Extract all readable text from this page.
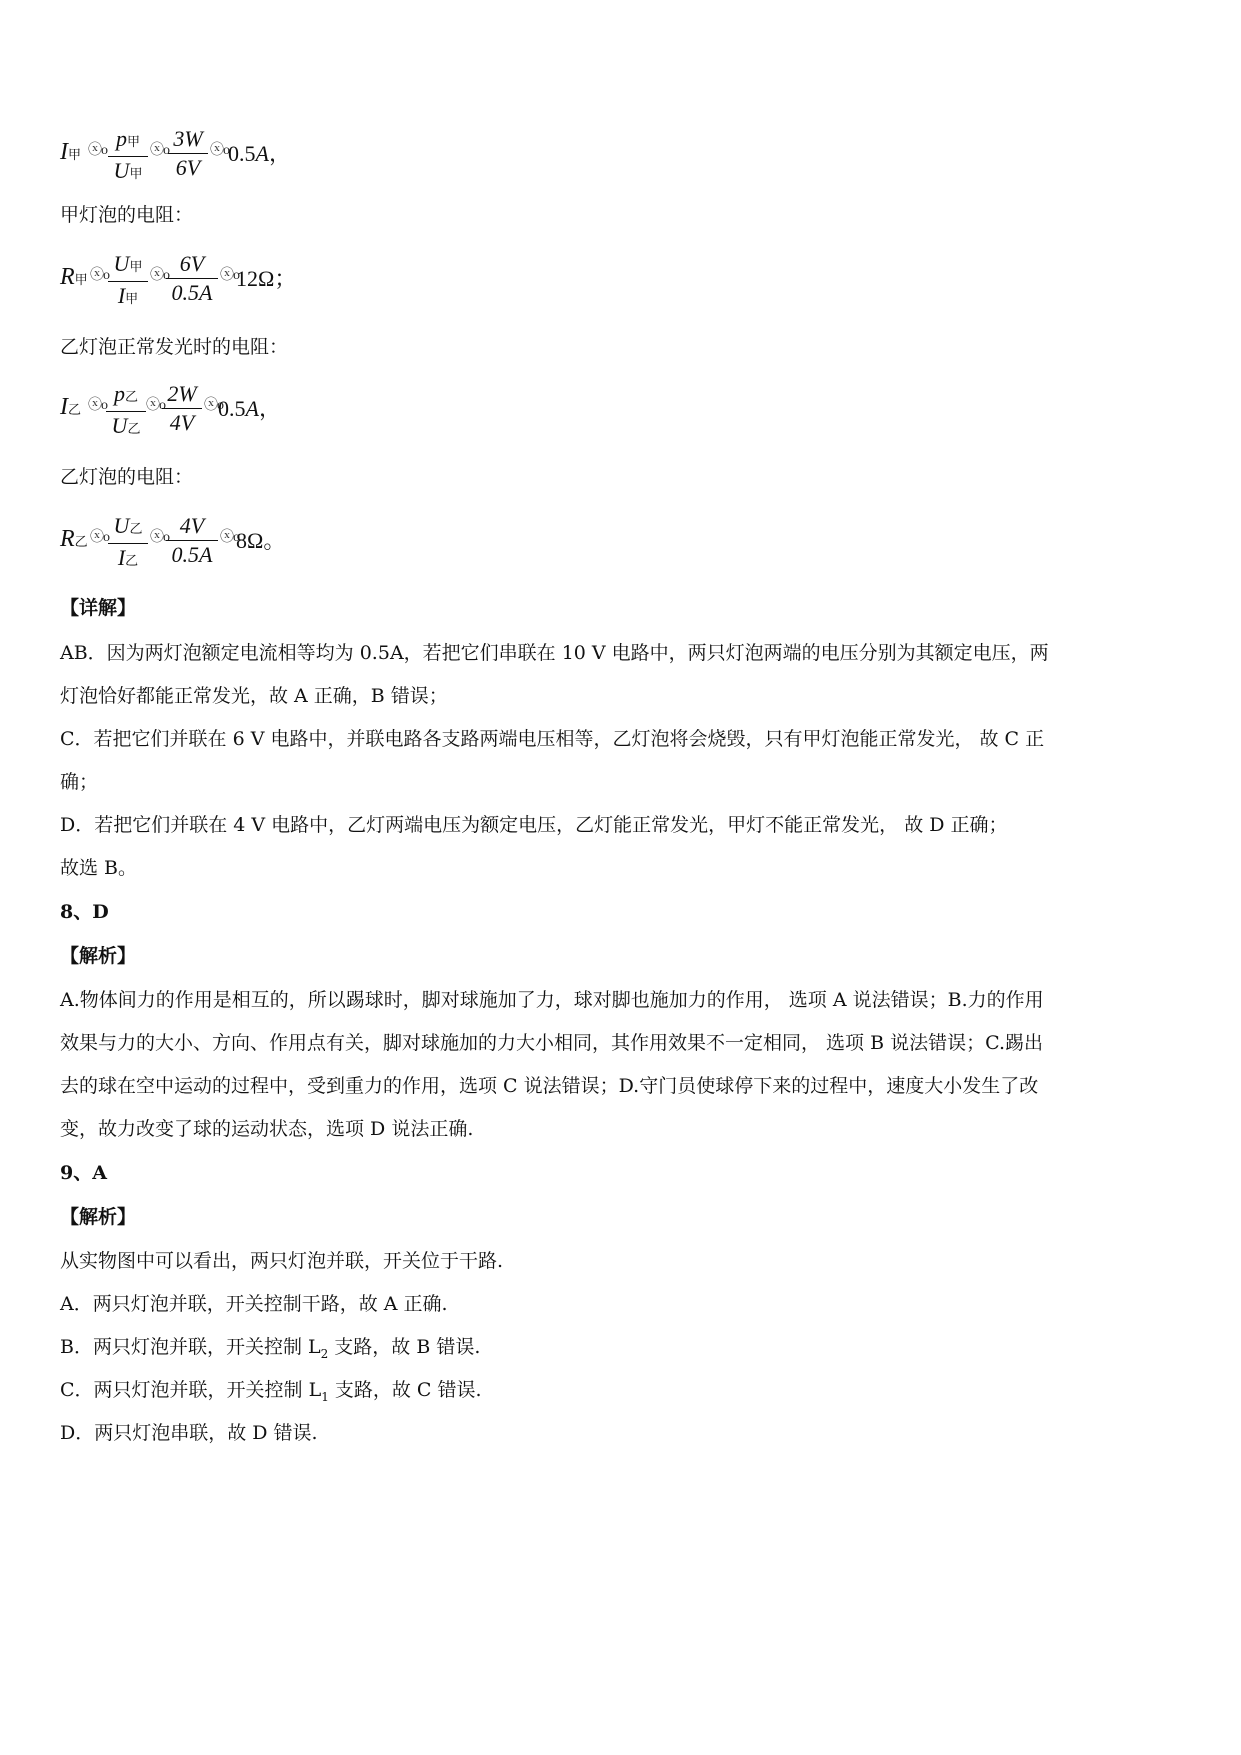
I甲 ⓧo p甲
U甲
ⓧo $\frac{3W}{6V}$ ⓧo 0.5A，
甲灯泡的电阻：
R甲 ⓧo U甲
I甲
ⓧo
$\frac{6V}{0.5A}$ ⓧo
12Ω；
乙灯泡正常发光时的电阻：
I乙 ⓧo p乙
U乙
ⓧo
$\frac{2W}{4V}$ ⓧo
0.5A，
乙灯泡的电阻：
R乙 ⓧo U乙
I乙
ⓧo
$\frac{4V}{0.5A}$ ⓧo
8Ω。
【详解】
AB．因为两灯泡额定电流相等均为 0.5A，若把它们串联在 10 V 电路中，两只灯泡两端的电压分别为其额定电压，两
灯泡恰好都能正常发光，故 A 正确，B 错误；
C．若把它们并联在 6 V 电路中，并联电路各支路两端电压相等，乙灯泡将会烧毁，只有甲灯泡能正常发光， 故 C 正
确；
D．若把它们并联在 4 V 电路中，乙灯两端电压为额定电压，乙灯能正常发光，甲灯不能正常发光， 故 D 正确；
故选 B。
8、D
【解析】
A.物体间力的作用是相互的，所以踢球时，脚对球施加了力，球对脚也施加力的作用， 选项 A 说法错误；B.力的作用
效果与力的大小、方向、作用点有关，脚对球施加的力大小相同，其作用效果不一定相同， 选项 B 说法错误；C.踢出
去的球在空中运动的过程中，受到重力的作用，选项 C 说法错误；D.守门员使球停下来的过程中，速度大小发生了改
变，故力改变了球的运动状态，选项 D 说法正确.
9、A
【解析】
从实物图中可以看出，两只灯泡并联，开关位于干路.
A．两只灯泡并联，开关控制干路，故 A 正确.
B．两只灯泡并联，开关控制 $L_2$ 支路，故 B 错误.
C．两只灯泡并联，开关控制 $L_1$ 支路，故 C 错误.
D．两只灯泡串联，故 D 错误.
